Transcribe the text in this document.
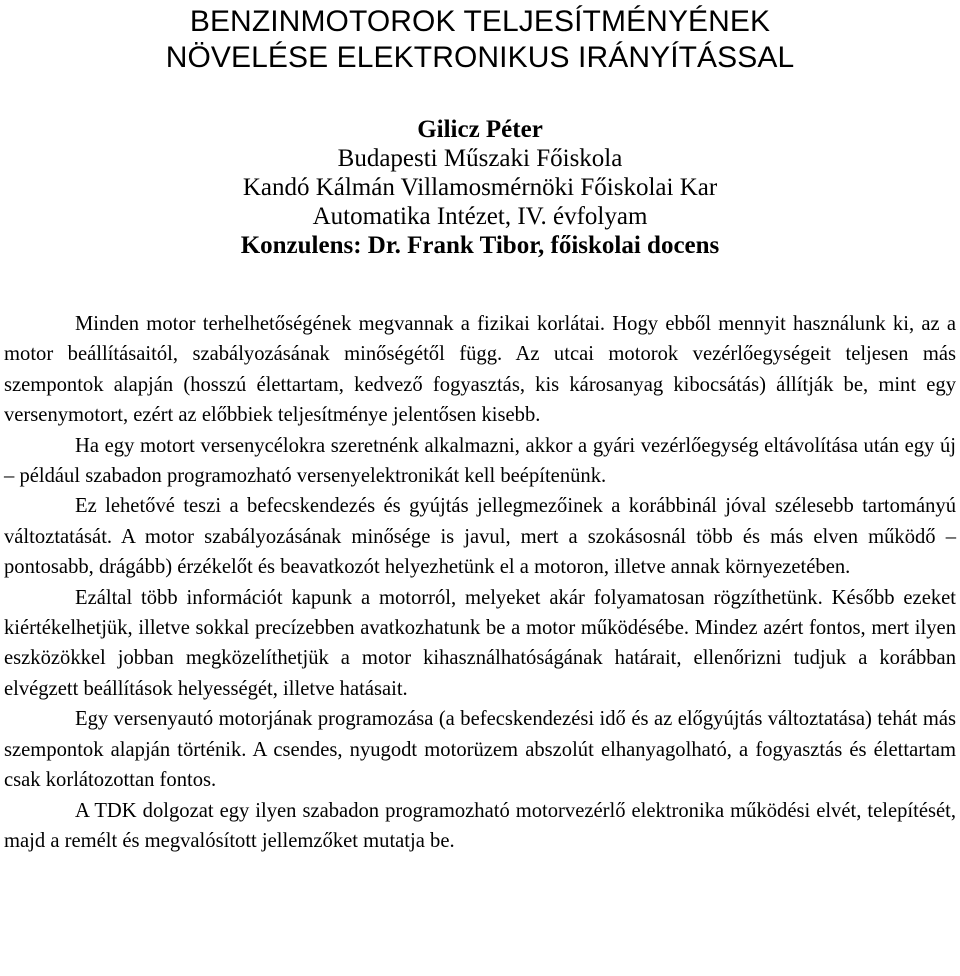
BENZINMOTOROK TELJESÍTMÉNYÉNEK
NÖVELÉSE ELEKTRONIKUS IRÁNYÍTÁSSAL
Gilicz Péter
Budapesti Műszaki Főiskola
Kandó Kálmán Villamosmérnöki Főiskolai Kar
Automatika Intézet, IV. évfolyam
Konzulens: Dr. Frank Tibor, főiskolai docens

Minden motor terhelhetőségének megvannak a fizikai korlátai. Hogy ebből mennyit használunk ki, az a motor beállításaitól, szabályozásának minőségétől függ. Az utcai motorok vezérlőegységeit teljesen más szempontok alapján (hosszú élettartam, kedvező fogyasztás, kis károsanyag kibocsátás) állítják be, mint egy versenymotort, ezért az előbbiek teljesítménye jelentősen kisebb.

Ha egy motort versenycélokra szeretnénk alkalmazni, akkor a gyári vezérlőegység eltávolítása után egy új – például szabadon programozható versenyelektronikát kell beépítenünk.

Ez lehetővé teszi a befecskendezés és gyújtás jellegmezőinek a korábbinál jóval szélesebb tartományú változtatását. A motor szabályozásának minősége is javul, mert a szokásosnál több és más elven működő – pontosabb, drágább) érzékelőt és beavatkozót helyezhetünk el a motoron, illetve annak környezetében.

Ezáltal több információt kapunk a motorról, melyeket akár folyamatosan rögzíthetünk. Később ezeket kiértékelhetjük, illetve sokkal precízebben avatkozhatunk be a motor működésébe. Mindez azért fontos, mert ilyen eszközökkel jobban megközelíthetjük a motor kihasználhatóságának határait, ellenőrizni tudjuk a korábban elvégzett beállítások helyességét, illetve hatásait.

Egy versenyautó motorjának programozása (a befecskendezési idő és az előgyújtás változtatása) tehát más szempontok alapján történik. A csendes, nyugodt motorüzem abszolút elhanyagolható, a fogyasztás és élettartam csak korlátozottan fontos.

A TDK dolgozat egy ilyen szabadon programozható motorvezérlő elektronika működési elvét, telepítését, majd a remélt és megvalósított jellemzőket mutatja be.
